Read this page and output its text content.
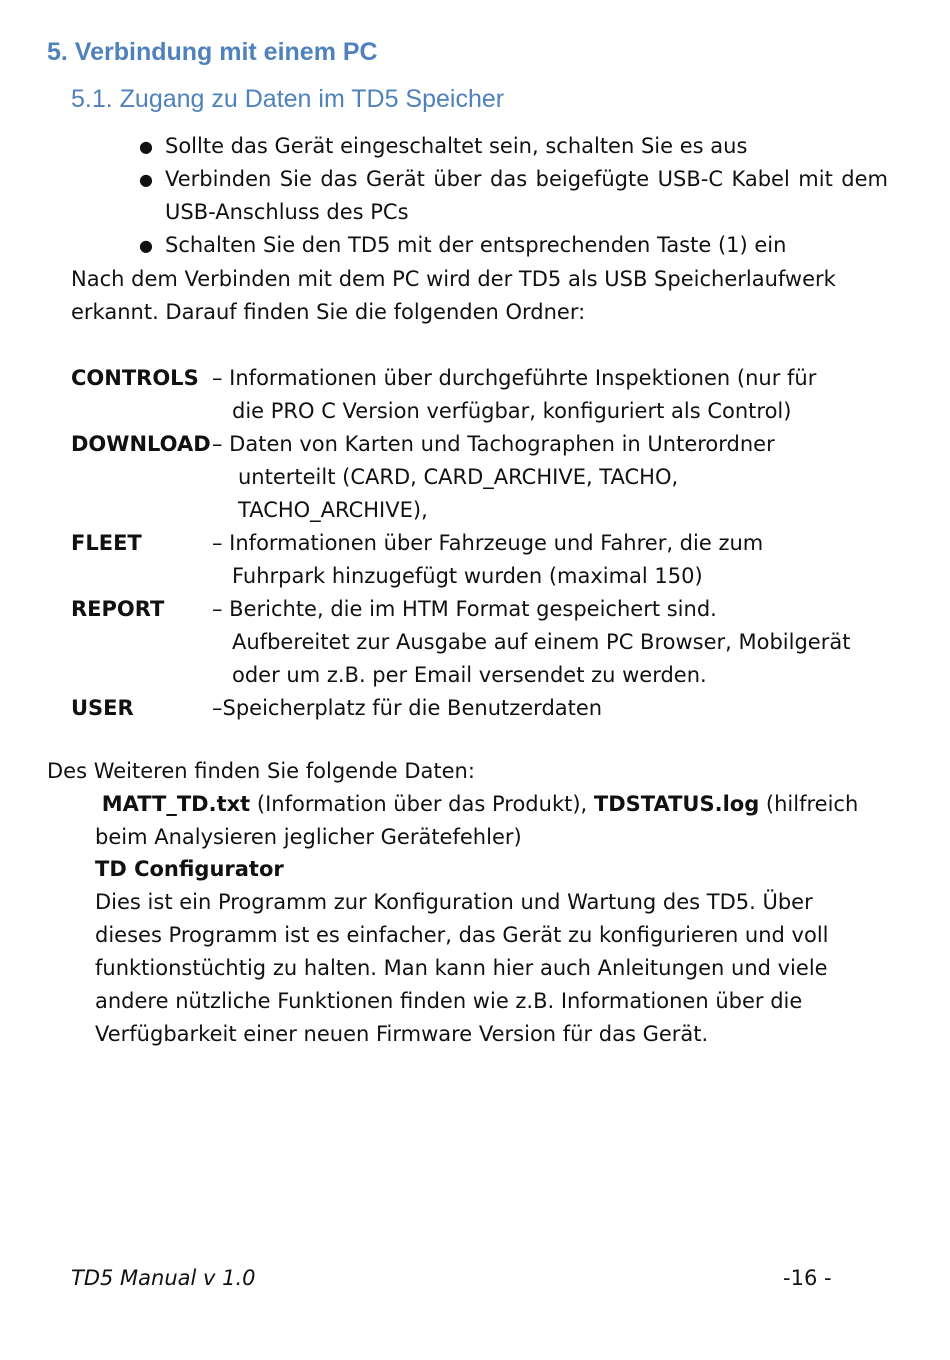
5. Verbindung mit einem PC
5.1. Zugang zu Daten im TD5 Speicher
● Sollte das Gerät eingeschaltet sein, schalten Sie es aus
● Verbinden Sie das Gerät über das beigefügte USB-C Kabel mit dem USB-Anschluss des PCs
● Schalten Sie den TD5 mit der entsprechenden Taste (1) ein

Nach dem Verbinden mit dem PC wird der TD5 als USB Speicherlaufwerk erkannt. Darauf finden Sie die folgenden Ordner:

CONTROLS – Informationen über durchgeführte Inspektionen (nur für
die PRO C Version verfügbar, konfiguriert als Control)
DOWNLOAD – Daten von Karten und Tachographen in Unterordner
unterteilt (CARD, CARD_ARCHIVE, TACHO,
TACHO_ARCHIVE),
FLEET	– Informationen über Fahrzeuge und Fahrer, die zum
Fuhrpark hinzugefügt wurden (maximal 150)
REPORT	– Berichte, die im HTM Format gespeichert sind.
Aufbereitet zur Ausgabe auf einem PC Browser, Mobilgerät
oder um z.B. per Email versendet zu werden.
USER	–Speicherplatz für die Benutzerdaten

Des Weiteren finden Sie folgende Daten:

MATT_TD.txt (Information über das Produkt), TDSTATUS.log (hilfreich beim Analysieren jeglicher Gerätefehler)

TD Configurator

Dies ist ein Programm zur Konfiguration und Wartung des TD5. Über dieses Programm ist es einfacher, das Gerät zu konfigurieren und voll funktionstüchtig zu halten. Man kann hier auch Anleitungen und viele andere nützliche Funktionen finden wie z.B. Informationen über die Verfügbarkeit einer neuen Firmware Version für das Gerät.

TD5 Manual v 1.0	-16 -
